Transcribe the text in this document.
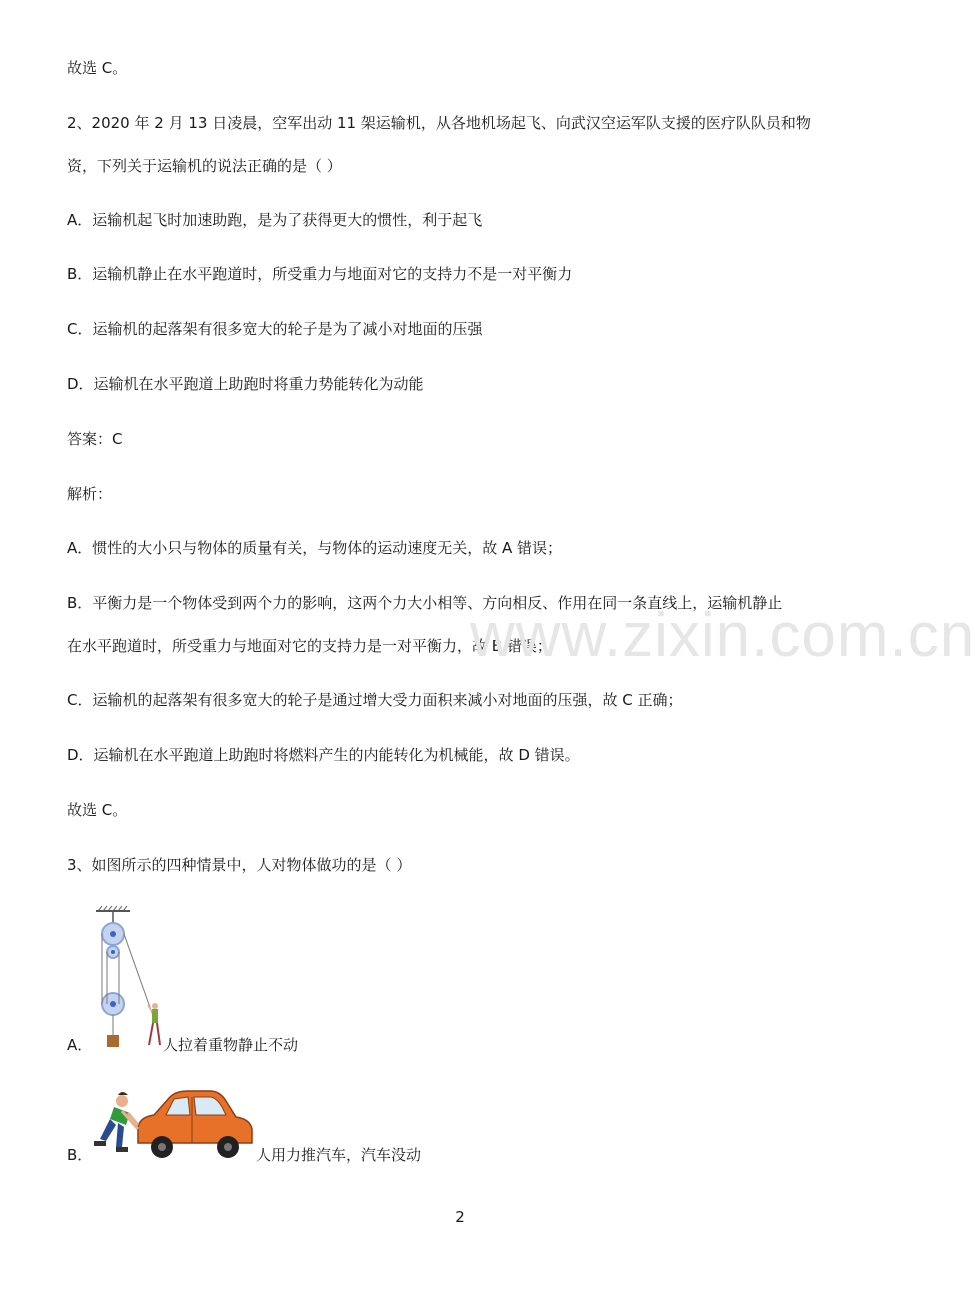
故选 C。
2、2020 年 2 月 13 日凌晨，空军出动 11 架运输机，从各地机场起飞、向武汉空运军队支援的医疗队队员和物
资，下列关于运输机的说法正确的是（ ）
A．运输机起飞时加速助跑，是为了获得更大的惯性，利于起飞
B．运输机静止在水平跑道时，所受重力与地面对它的支持力不是一对平衡力
C．运输机的起落架有很多宽大的轮子是为了减小对地面的压强
D．运输机在水平跑道上助跑时将重力势能转化为动能
答案：C
解析：
A．惯性的大小只与物体的质量有关，与物体的运动速度无关，故 A 错误；
B．平衡力是一个物体受到两个力的影响，这两个力大小相等、方向相反、作用在同一条直线上，运输机静止
在水平跑道时，所受重力与地面对它的支持力是一对平衡力，故 B 错误；
C．运输机的起落架有很多宽大的轮子是通过增大受力面积来减小对地面的压强，故 C 正确；
D．运输机在水平跑道上助跑时将燃料产生的内能转化为机械能，故 D 错误。
故选 C。
3、如图所示的四种情景中，人对物体做功的是（ ）
A．	人拉着重物静止不动
B．	人用力推汽车，汽车没动
www.zixin.com.cn
2
